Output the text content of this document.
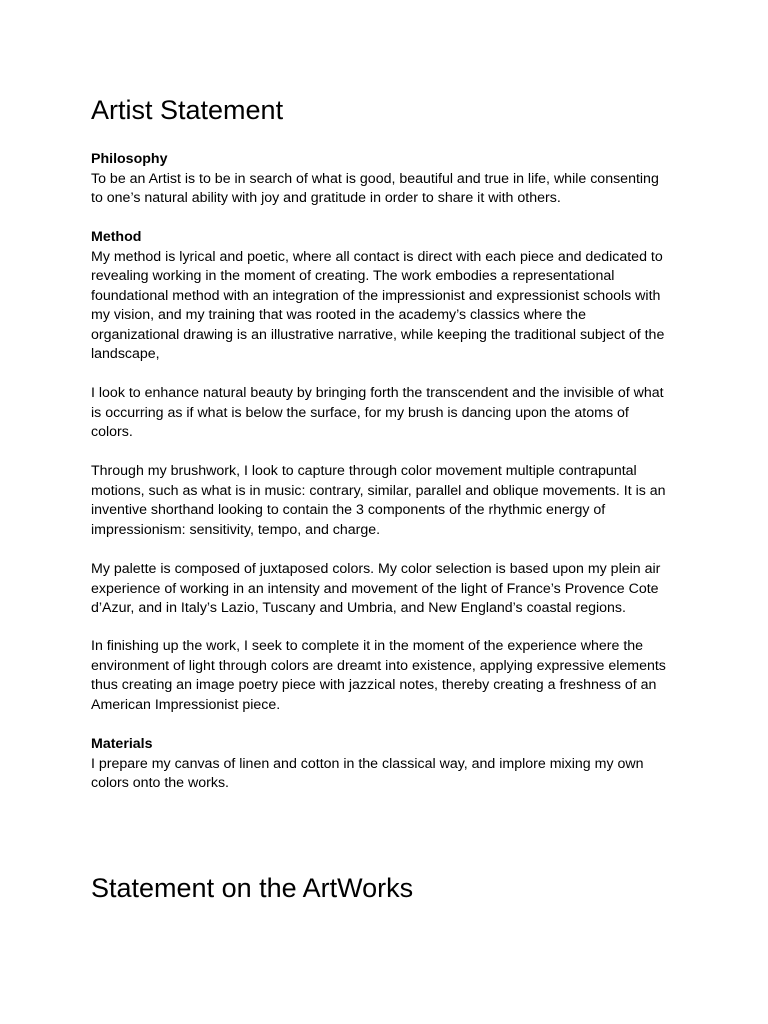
Artist Statement
Philosophy
To be an Artist is to be in search of what is good, beautiful and true in life, while consenting
to one’s natural ability with joy and gratitude in order to share it with others.
Method
My method is lyrical and poetic, where all contact is direct with each piece and dedicated to
revealing working in the moment of creating. The work embodies a representational
foundational method with an integration of the impressionist and expressionist schools with
my vision, and my training that was rooted in the academy’s classics where the
organizational drawing is an illustrative narrative, while keeping the traditional subject of the
landscape,
I look to enhance natural beauty by bringing forth the transcendent and the invisible of what
is occurring as if what is below the surface, for my brush is dancing upon the atoms of
colors.
Through my brushwork, I look to capture through color movement multiple contrapuntal
motions, such as what is in music: contrary, similar, parallel and oblique movements. It is an
inventive shorthand looking to contain the 3 components of the rhythmic energy of
impressionism: sensitivity, tempo, and charge.
My palette is composed of juxtaposed colors. My color selection is based upon my plein air
experience of working in an intensity and movement of the light of France’s Provence Cote
d’Azur, and in Italy’s Lazio, Tuscany and Umbria, and New England’s coastal regions.
In finishing up the work, I seek to complete it in the moment of the experience where the
environment of light through colors are dreamt into existence, applying expressive elements
thus creating an image poetry piece with jazzical notes, thereby creating a freshness of an
American Impressionist piece.
Materials
I prepare my canvas of linen and cotton in the classical way, and implore mixing my own
colors onto the works.
Statement on the ArtWorks
